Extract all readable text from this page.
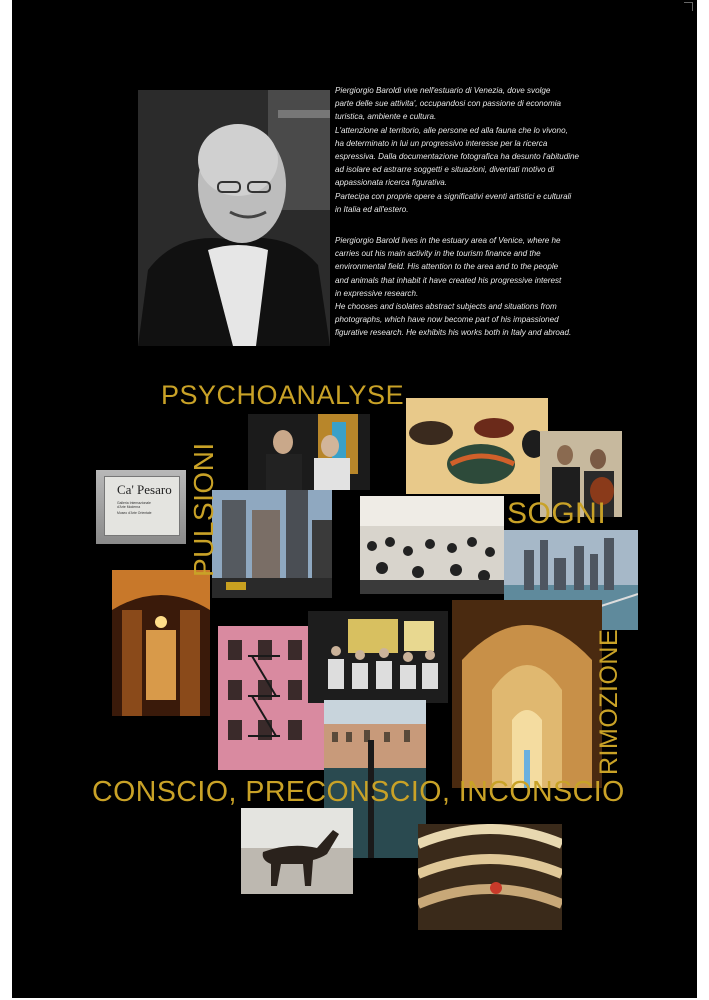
Piergiorgio Baroldi vive nell'estuario di Venezia, dove svolge

parte delle sue attivita', occupandosi con passione di economia

turistica, ambiente e cultura.

L'attenzione al territorio, alle persone ed alla fauna che lo vivono,

ha determinato in lui un progressivo interesse per la ricerca

espressiva. Dalla documentazione fotografica ha desunto l'abitudine

ad isolare ed astrarre soggetti e situazioni, diventati motivo di

appassionata ricerca figurativa.

Partecipa con proprie opere a significativi eventi artistici e culturali

in Italia ed all'estero.

Piergiorgio Barold lives in the estuary area of Venice, where he

carries out his main activity in the tourism finance and the

environmental field. His attention to the area and to the people

and animals that inhabit it have created his progressive interest

in expressive research.

He chooses and isolates abstract subjects and situations from

photographs, which have now become part of his impassioned

figurative research. He exhibits his works both in Italy and abroad.

Ca' Pesaro
Galleria Internazionale
d'Arte Moderna
Museo d'Arte Orientale
PSYCHOANALYSE
PULSIONI	SOGNI
RIMOZIONE
CONSCIO, PRECONSCIO, INCONSCIO
